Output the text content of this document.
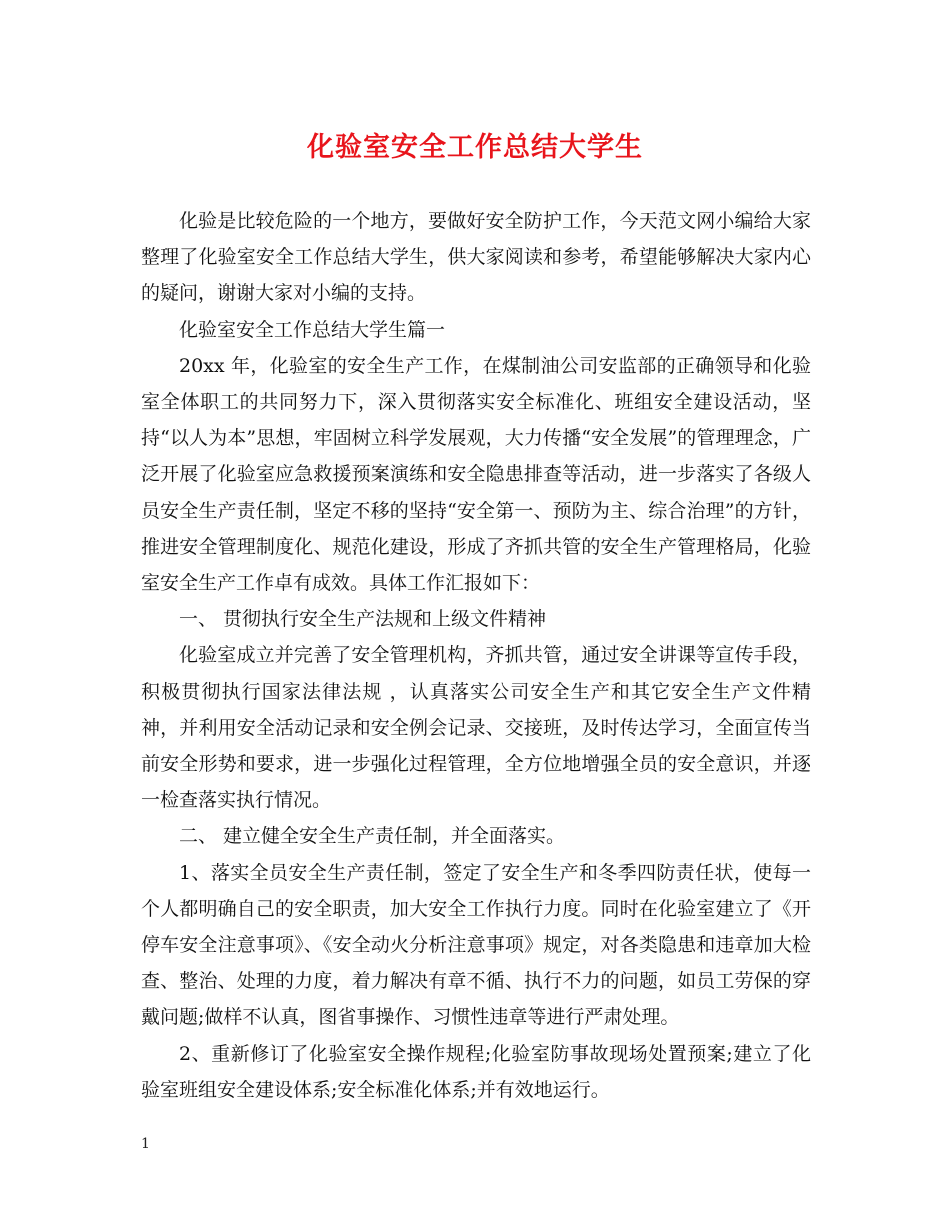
化验室安全工作总结大学生

化验是比较危险的一个地方，要做好安全防护工作，今天范文网小编给大家整理了化验室安全工作总结大学生，供大家阅读和参考，希望能够解决大家内心的疑问，谢谢大家对小编的支持。

化验室安全工作总结大学生篇一

20xx 年，化验室的安全生产工作，在煤制油公司安监部的正确领导和化验室全体职工的共同努力下，深入贯彻落实安全标准化、班组安全建设活动，坚持“以人为本”思想，牢固树立科学发展观，大力传播“安全发展”的管理理念，广泛开展了化验室应急救援预案演练和安全隐患排查等活动，进一步落实了各级人员安全生产责任制，坚定不移的坚持“安全第一、预防为主、综合治理”的方针， 推进安全管理制度化、规范化建设，形成了齐抓共管的安全生产管理格局，化验室安全生产工作卓有成效。具体工作汇报如下：

一、 贯彻执行安全生产法规和上级文件精神

化验室成立并完善了安全管理机构，齐抓共管，通过安全讲课等宣传手段，积极贯彻执行国家法律法规 ，认真落实公司安全生产和其它安全生产文件精神，并利用安全活动记录和安全例会记录、交接班，及时传达学习，全面宣传当前安全形势和要求，进一步强化过程管理，全方位地增强全员的安全意识，并逐一检查落实执行情况。

二、 建立健全安全生产责任制，并全面落实。

1、落实全员安全生产责任制，签定了安全生产和冬季四防责任状，使每一个人都明确自己的安全职责，加大安全工作执行力度。同时在化验室建立了《开停车安全注意事项》、《安全动火分析注意事项》规定，对各类隐患和违章加大检查、整治、处理的力度，着力解决有章不循、执行不力的问题，如员工劳保的穿戴问题;做样不认真，图省事操作、习惯性违章等进行严肃处理。

2、重新修订了化验室安全操作规程;化验室防事故现场处置预案;建立了化验室班组安全建设体系;安全标准化体系;并有效地运行。

1
